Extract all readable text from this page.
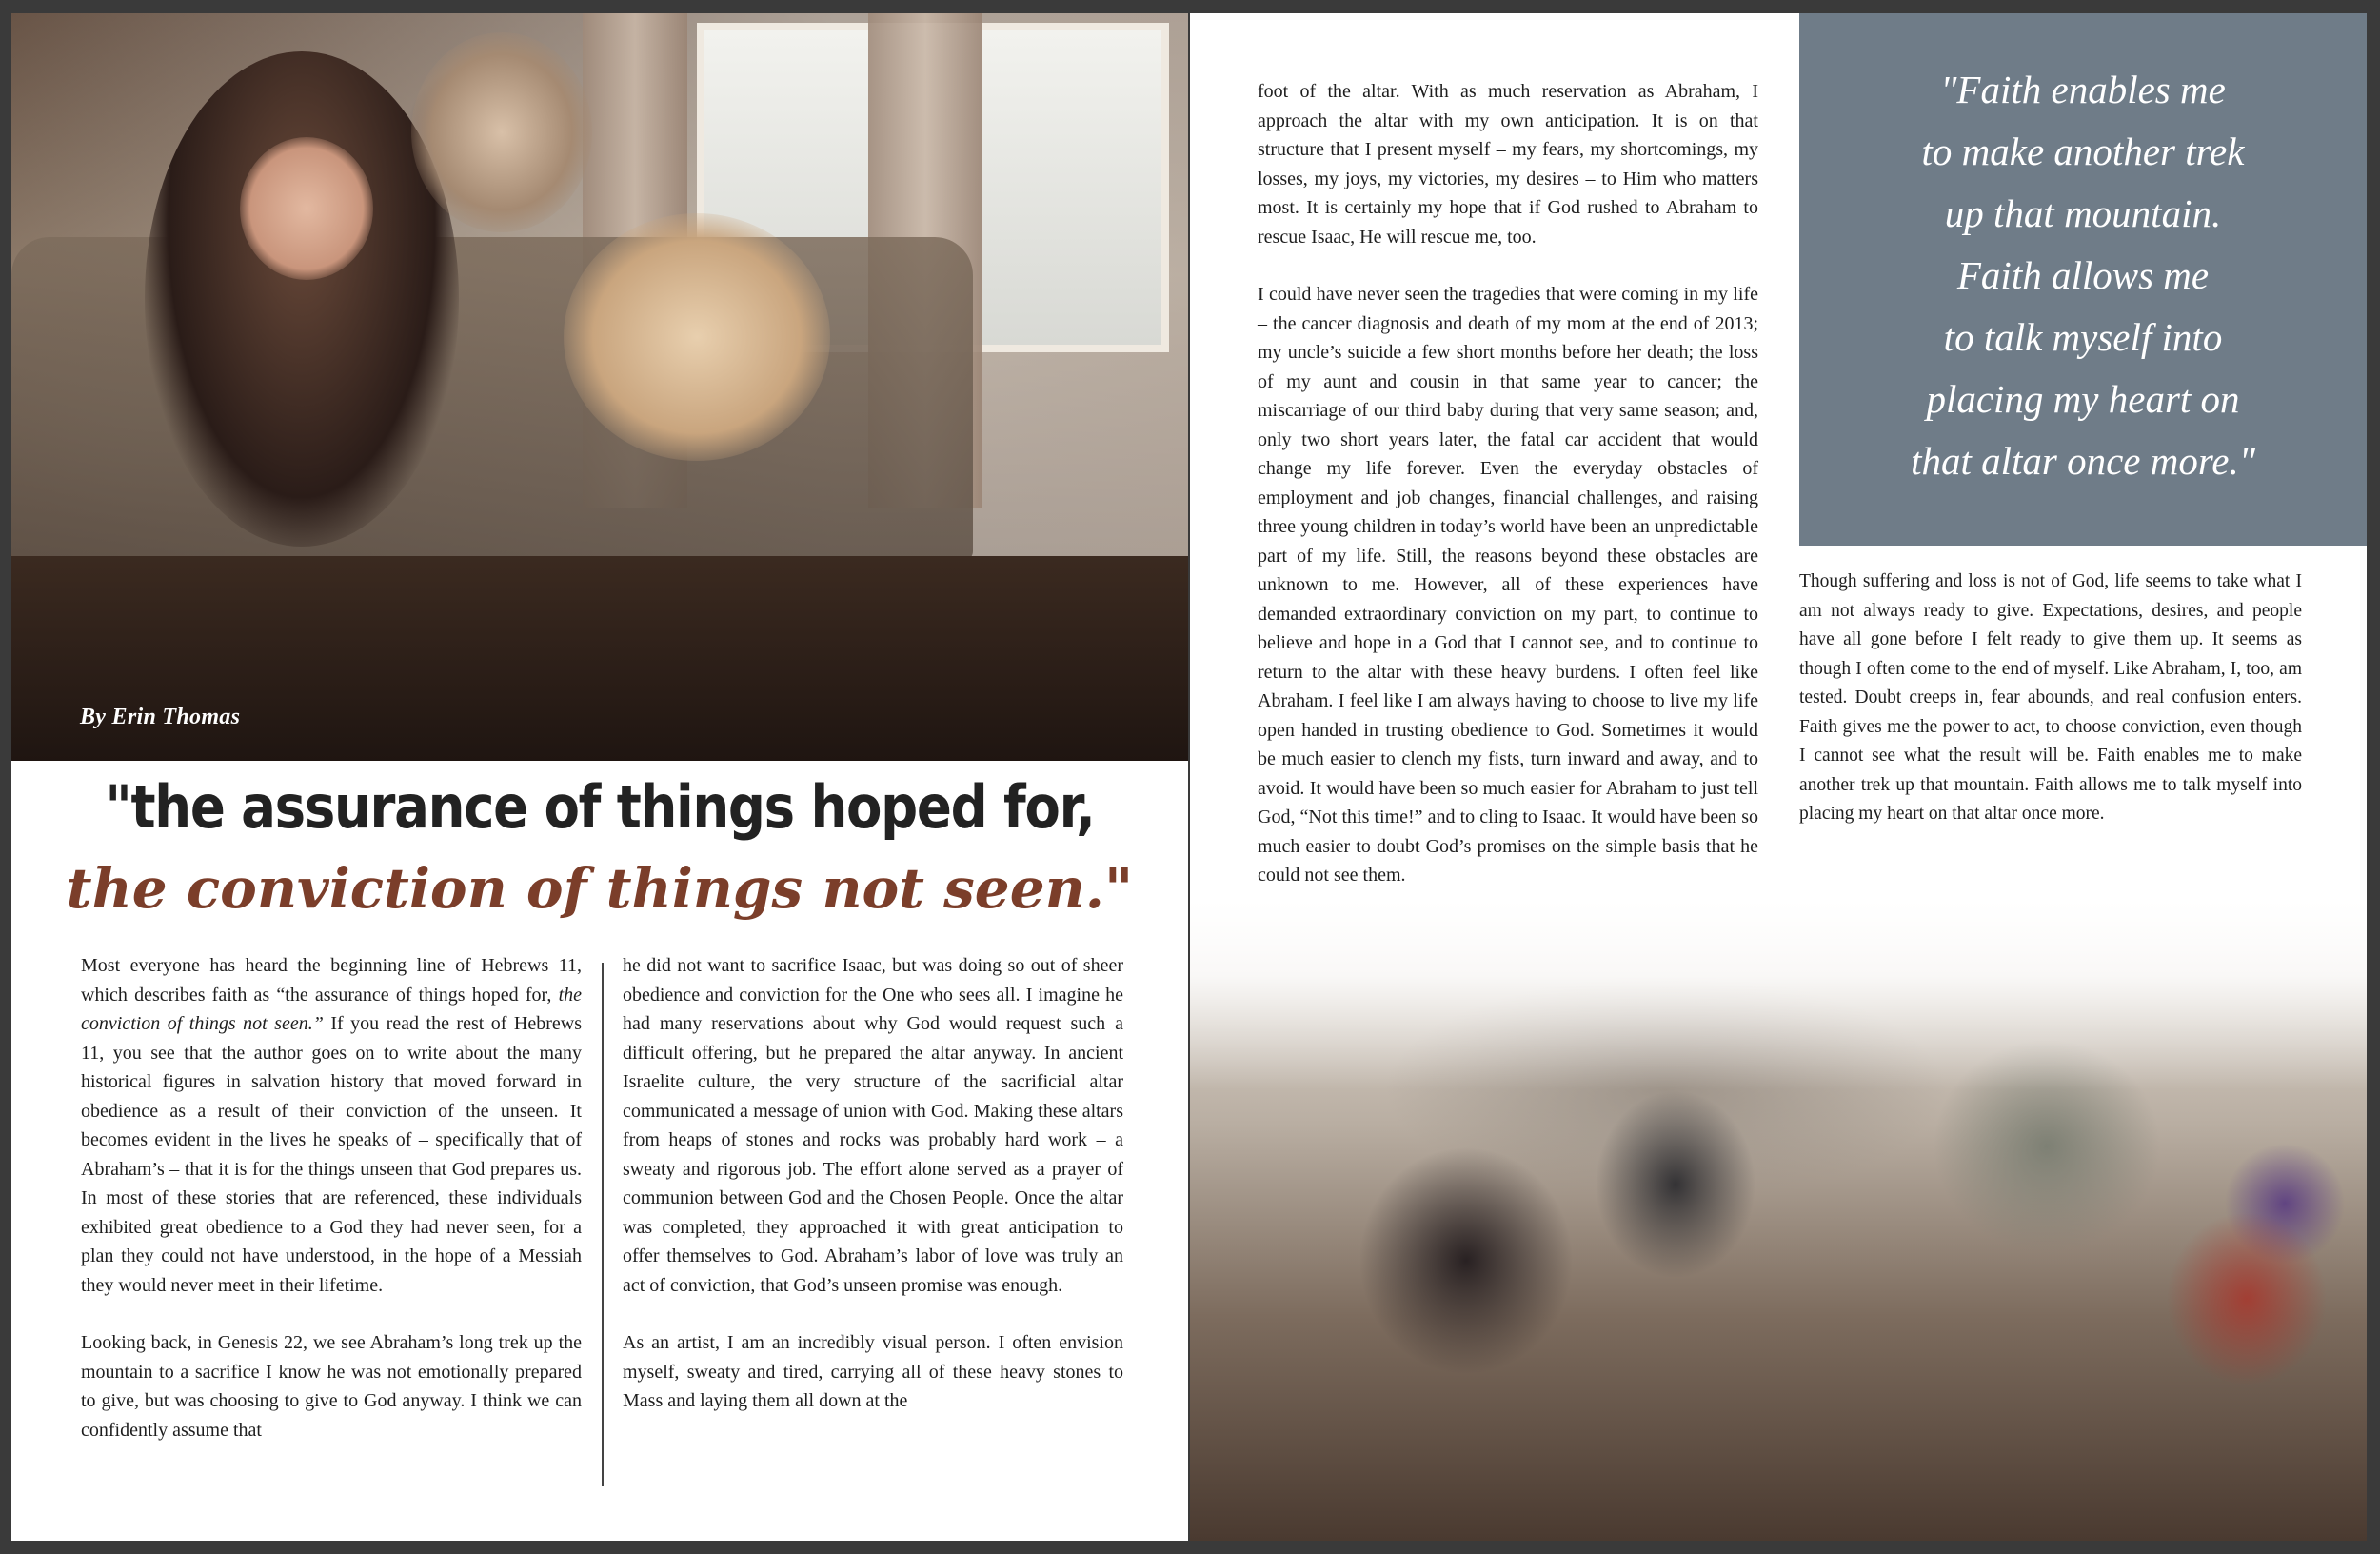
By Erin Thomas
"the assurance of things hoped for,
the conviction of things not seen."

Most everyone has heard the beginning line of Hebrews 11, which describes faith as “the assurance of things hoped for, the conviction of things not seen.” If you read the rest of Hebrews 11, you see that the author goes on to write about the many historical figures in salvation history that moved forward in obedience as a result of their conviction of the unseen. It becomes evident in the lives he speaks of – specifically that of Abraham’s – that it is for the things unseen that God prepares us. In most of these stories that are referenced, these individuals exhibited great obedience to a God they had never seen, for a plan they could not have understood, in the hope of a Messiah they would never meet in their lifetime.

Looking back, in Genesis 22, we see Abraham’s long trek up the mountain to a sacrifice I know he was not emotionally prepared to give, but was choosing to give to God anyway. I think we can confidently assume that

he did not want to sacrifice Isaac, but was doing so out of sheer obedience and conviction for the One who sees all. I imagine he had many reservations about why God would request such a difficult offering, but he prepared the altar anyway. In ancient Israelite culture, the very structure of the sacrificial altar communicated a message of union with God. Making these altars from heaps of stones and rocks was probably hard work – a sweaty and rigorous job. The effort alone served as a prayer of communion between God and the Chosen People. Once the altar was completed, they approached it with great anticipation to offer themselves to God. Abraham’s labor of love was truly an act of conviction, that God’s unseen promise was enough.

As an artist, I am an incredibly visual person. I often envision myself, sweaty and tired, carrying all of these heavy stones to Mass and laying them all down at the

foot of the altar. With as much reservation as Abraham, I approach the altar with my own anticipation. It is on that structure that I present myself – my fears, my shortcomings, my losses, my joys, my victories, my desires – to Him who matters most. It is certainly my hope that if God rushed to Abraham to rescue Isaac, He will rescue me, too.

I could have never seen the tragedies that were coming in my life – the cancer diagnosis and death of my mom at the end of 2013; my uncle’s suicide a few short months before her death; the loss of my aunt and cousin in that same year to cancer; the miscarriage of our third baby during that very same season; and, only two short years later, the fatal car accident that would change my life forever. Even the everyday obstacles of employment and job changes, financial challenges, and raising three young children in today’s world have been an unpredictable part of my life. Still, the reasons beyond these obstacles are unknown to me. However, all of these experiences have demanded extraordinary conviction on my part, to continue to believe and hope in a God that I cannot see, and to continue to return to the altar with these heavy burdens. I often feel like Abraham. I feel like I am always having to choose to live my life open handed in trusting obedience to God. Sometimes it would be much easier to clench my fists, turn inward and away, and to avoid. It would have been so much easier for Abraham to just tell God, “Not this time!” and to cling to Isaac. It would have been so much easier to doubt God’s promises on the simple basis that he could not see them.

"Faith enables me
to make another trek
up that mountain.
Faith allows me
to talk myself into
placing my heart on
that altar once more."

Though suffering and loss is not of God, life seems to take what I am not always ready to give. Expectations, desires, and people have all gone before I felt ready to give them up. It seems as though I often come to the end of myself. Like Abraham, I, too, am tested. Doubt creeps in, fear abounds, and real confusion enters. Faith gives me the power to act, to choose conviction, even though I cannot see what the result will be. Faith enables me to make another trek up that mountain. Faith allows me to talk myself into placing my heart on that altar once more.
